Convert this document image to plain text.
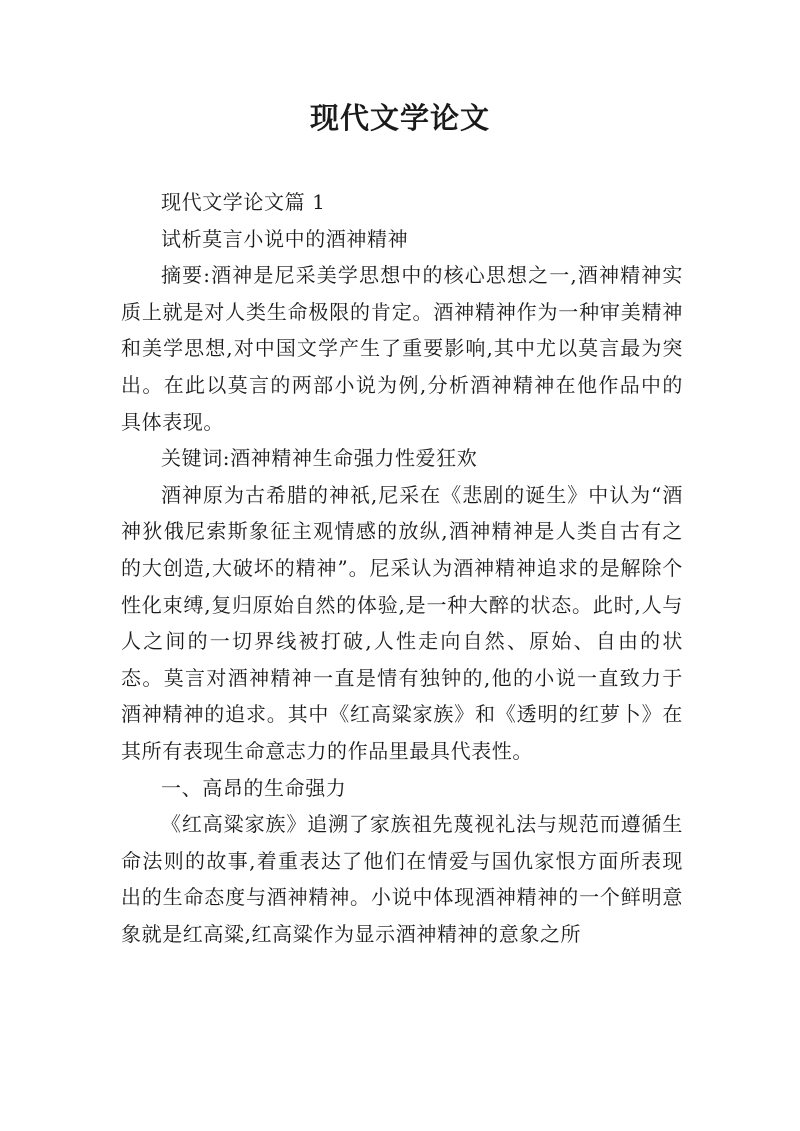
现代文学论文

现代文学论文篇 1

试析莫言小说中的酒神精神

摘要:酒神是尼采美学思想中的核心思想之一,酒神精神实质上就是对人类生命极限的肯定。酒神精神作为一种审美精神和美学思想,对中国文学产生了重要影响,其中尤以莫言最为突出。在此以莫言的两部小说为例,分析酒神精神在他作品中的具体表现。

关键词:酒神精神生命强力性爱狂欢

酒神原为古希腊的神祇,尼采在《悲剧的诞生》中认为“酒神狄俄尼索斯象征主观情感的放纵,酒神精神是人类自古有之的大创造,大破坏的精神”。尼采认为酒神精神追求的是解除个性化束缚,复归原始自然的体验,是一种大醉的状态。此时,人与人之间的一切界线被打破,人性走向自然、原始、自由的状态。莫言对酒神精神一直是情有独钟的,他的小说一直致力于酒神精神的追求。其中《红高粱家族》和《透明的红萝卜》在其所有表现生命意志力的作品里最具代表性。

一、高昂的生命强力

《红高粱家族》追溯了家族祖先蔑视礼法与规范而遵循生命法则的故事,着重表达了他们在情爱与国仇家恨方面所表现出的生命态度与酒神精神。小说中体现酒神精神的一个鲜明意象就是红高粱,红高粱作为显示酒神精神的意象之所
